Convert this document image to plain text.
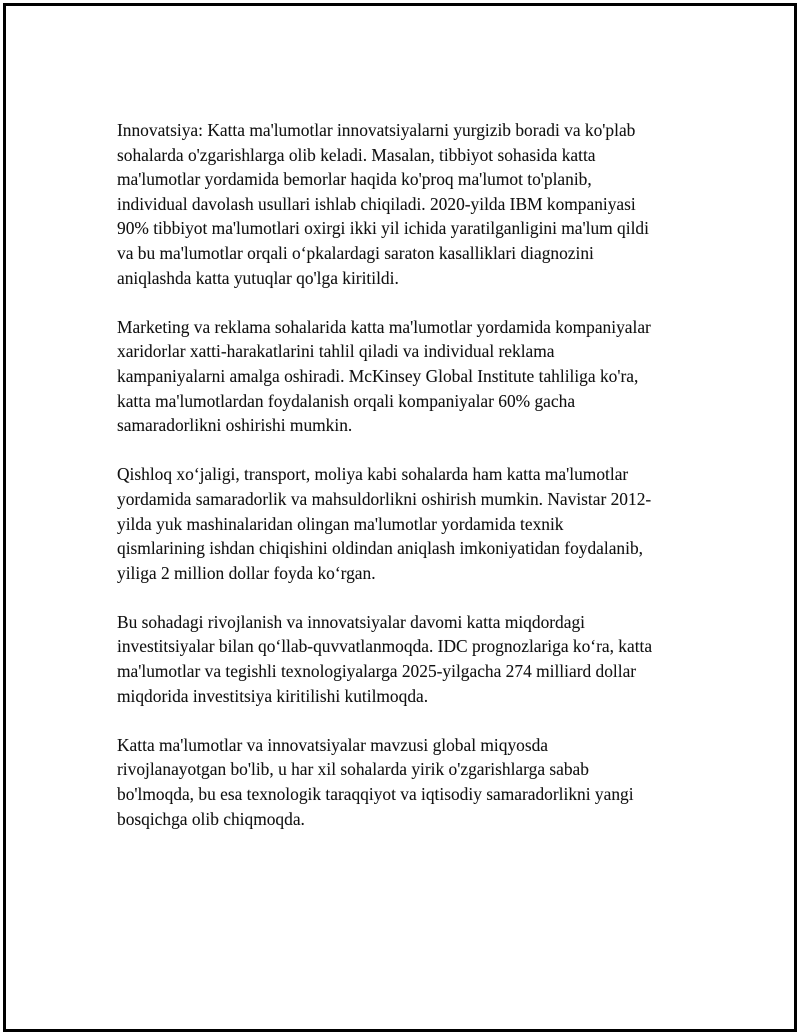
Innovatsiya: Katta ma'lumotlar innovatsiyalarni yurgizib boradi va ko'plab
sohalarda o'zgarishlarga olib keladi. Masalan, tibbiyot sohasida katta
ma'lumotlar yordamida bemorlar haqida ko'proq ma'lumot to'planib,
individual davolash usullari ishlab chiqiladi. 2020-yilda IBM kompaniyasi
90% tibbiyot ma'lumotlari oxirgi ikki yil ichida yaratilganligini ma'lum qildi
va bu ma'lumotlar orqali o‘pkalardagi saraton kasalliklari diagnozini
aniqlashda katta yutuqlar qo'lga kiritildi.

Marketing va reklama sohalarida katta ma'lumotlar yordamida kompaniyalar
xaridorlar xatti-harakatlarini tahlil qiladi va individual reklama
kampaniyalarni amalga oshiradi. McKinsey Global Institute tahliliga ko'ra,
katta ma'lumotlardan foydalanish orqali kompaniyalar 60% gacha
samaradorlikni oshirishi mumkin.

Qishloq xo‘jaligi, transport, moliya kabi sohalarda ham katta ma'lumotlar
yordamida samaradorlik va mahsuldorlikni oshirish mumkin. Navistar 2012-
yilda yuk mashinalaridan olingan ma'lumotlar yordamida texnik
qismlarining ishdan chiqishini oldindan aniqlash imkoniyatidan foydalanib,
yiliga 2 million dollar foyda ko‘rgan.

Bu sohadagi rivojlanish va innovatsiyalar davomi katta miqdordagi
investitsiyalar bilan qo‘llab-quvvatlanmoqda. IDC prognozlariga ko‘ra, katta
ma'lumotlar va tegishli texnologiyalarga 2025-yilgacha 274 milliard dollar
miqdorida investitsiya kiritilishi kutilmoqda.

Katta ma'lumotlar va innovatsiyalar mavzusi global miqyosda
rivojlanayotgan bo'lib, u har xil sohalarda yirik o'zgarishlarga sabab
bo'lmoqda, bu esa texnologik taraqqiyot va iqtisodiy samaradorlikni yangi
bosqichga olib chiqmoqda.
